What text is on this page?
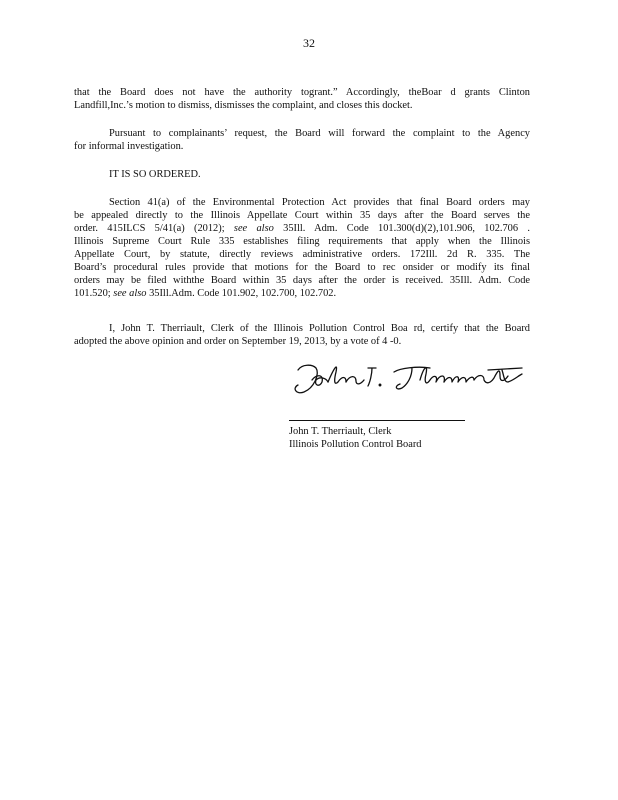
32
that the Board does not have the authority togrant.” Accordingly, theBoar d grants Clinton
Landfill,Inc.’s motion to dismiss, dismisses the complaint, and closes this docket.
Pursuant to complainants’ request, the Board will forward the complaint to the Agency
for informal investigation.
IT IS SO ORDERED.
Section 41(a) of the Environmental Protection Act provides that final Board orders may
be appealed directly to the Illinois Appellate Court within 35 days after the Board serves the
order. 415ILCS 5/41(a) (2012); see also 35Ill. Adm. Code 101.300(d)(2),101.906, 102.706 .
Illinois Supreme Court Rule 335 establishes filing requirements that apply when the Illinois
Appellate Court, by statute, directly reviews administrative orders. 172Ill. 2d R. 335. The
Board’s procedural rules provide that motions for the Board to rec onsider or modify its final
orders may be filed withthe Board within 35 days after the order is received. 35Ill. Adm. Code
101.520; see also 35Ill.Adm. Code 101.902, 102.700, 102.702.
I, John T. Therriault, Clerk of the Illinois Pollution Control Boa rd, certify that the Board
adopted the above opinion and order on September 19, 2013, by a vote of 4 -0.
John T. Therriault, Clerk
Illinois Pollution Control Board
